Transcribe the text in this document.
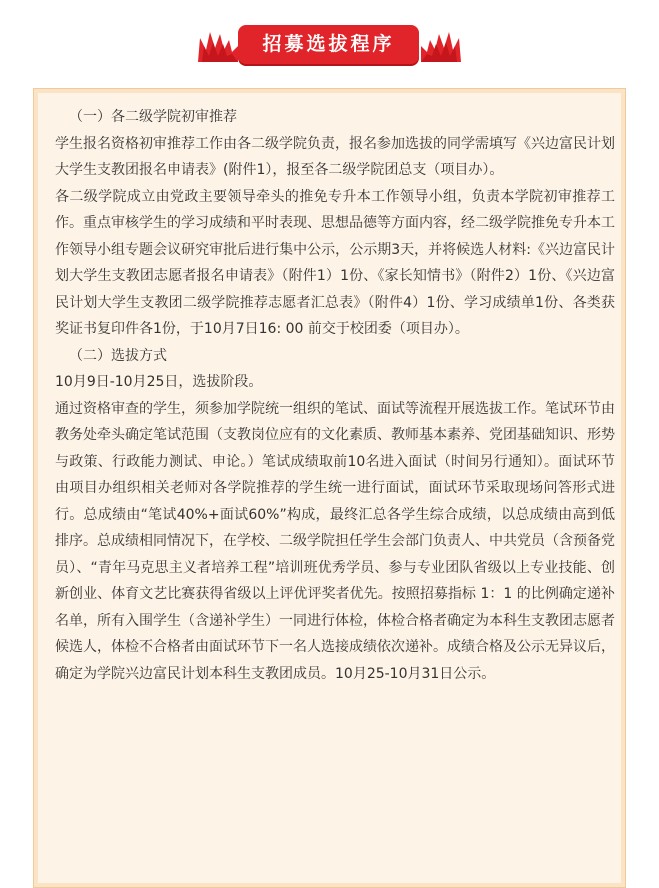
招募选拔程序

（一）各二级学院初审推荐

学生报名资格初审推荐工作由各二级学院负责，报名参加选拔的同学需填写《兴边富民计划大学生支教团报名申请表》(附件1），报至各二级学院团总支（项目办）。

各二级学院成立由党政主要领导牵头的推免专升本工作领导小组，负责本学院初审推荐工作。重点审核学生的学习成绩和平时表现、思想品德等方面内容，经二级学院推免专升本工作领导小组专题会议研究审批后进行集中公示，公示期3天，并将候选人材料:《兴边富民计划大学生支教团志愿者报名申请表》（附件1）1份、《家长知情书》（附件2）1份、《兴边富民计划大学生支教团二级学院推荐志愿者汇总表》（附件4）1份、学习成绩单1份、各类获奖证书复印件各1份，于10月7日16: 00 前交于校团委（项目办）。

（二）选拔方式

10月9日-10月25日，选拔阶段。

通过资格审查的学生，须参加学院统一组织的笔试、面试等流程开展选拔工作。笔试环节由教务处牵头确定笔试范围（支教岗位应有的文化素质、教师基本素养、党团基础知识、形势与政策、行政能力测试、申论。）笔试成绩取前10名进入面试（时间另行通知）。面试环节由项目办组织相关老师对各学院推荐的学生统一进行面试，面试环节采取现场问答形式进行。总成绩由“笔试40%+面试60%”构成，最终汇总各学生综合成绩，以总成绩由高到低排序。总成绩相同情况下，在学校、二级学院担任学生会部门负责人、中共党员（含预备党员）、“青年马克思主义者培养工程”培训班优秀学员、参与专业团队省级以上专业技能、创新创业、体育文艺比赛获得省级以上评优评奖者优先。按照招募指标 1：1 的比例确定递补名单，所有入围学生（含递补学生）一同进行体检，体检合格者确定为本科生支教团志愿者候选人，体检不合格者由面试环节下一名人选接成绩依次递补。成绩合格及公示无异议后，确定为学院兴边富民计划本科生支教团成员。10月25-10月31日公示。
